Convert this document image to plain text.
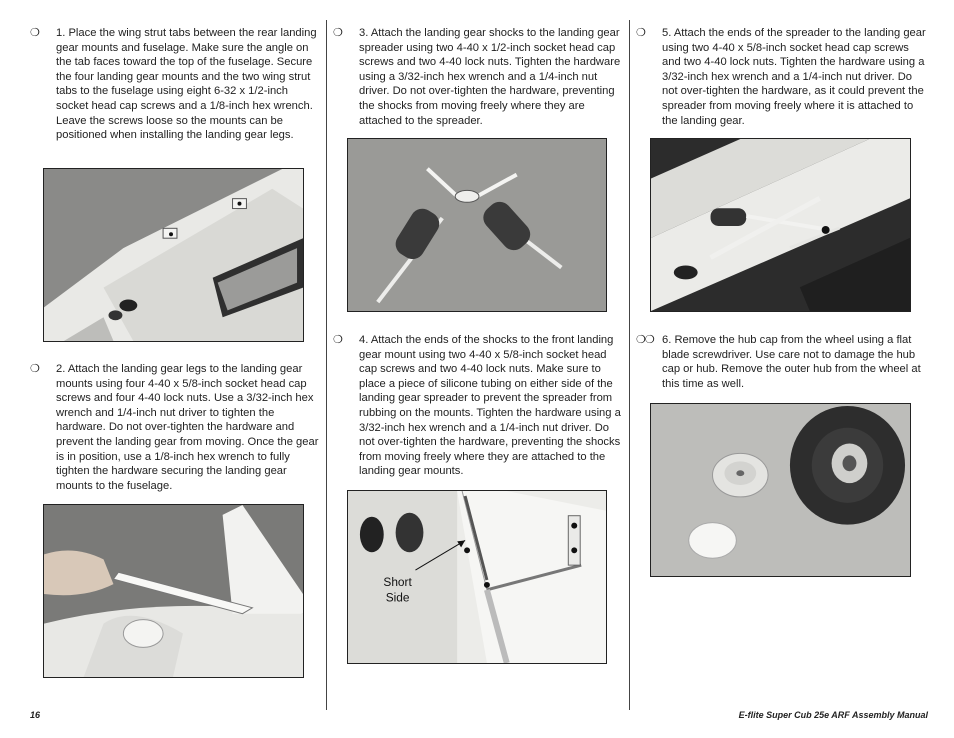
❍ 1. Place the wing strut tabs between the rear landing gear mounts and fuselage. Make sure the angle on the tab faces toward the top of the fuselage. Secure the four landing gear mounts and the two wing strut tabs to the fuselage using eight 6-32 x 1/2-inch socket head cap screws and a 1/8-inch hex wrench. Leave the screws loose so the mounts can be positioned when installing the landing gear legs.
❍ 2. Attach the landing gear legs to the landing gear mounts using four 4-40 x 5/8-inch socket head cap screws and four 4-40 lock nuts. Use a 3/32-inch hex wrench and 1/4-inch nut driver to tighten the hardware. Do not over-tighten the hardware and prevent the landing gear from moving. Once the gear is in position, use a 1/8-inch hex wrench to fully tighten the hardware securing the landing gear mounts to the fuselage.
❍ 3. Attach the landing gear shocks to the landing gear spreader using two 4-40 x 1/2-inch socket head cap screws and two 4-40 lock nuts. Tighten the hardware using a 3/32-inch hex wrench and a 1/4-inch nut driver. Do not over-tighten the hardware, preventing the shocks from moving freely where they are attached to the spreader.
❍ 4. Attach the ends of the shocks to the front landing gear mount using two 4-40 x 5/8-inch socket head cap screws and two 4-40 lock nuts. Make sure to place a piece of silicone tubing on either side of the landing gear spreader to prevent the spreader from rubbing on the mounts. Tighten the hardware using a 3/32-inch hex wrench and a 1/4-inch nut driver. Do not over-tighten the hardware, preventing the shocks from moving freely where they are attached to the landing gear mounts.
Short
Side
❍ 5. Attach the ends of the spreader to the landing gear using two 4-40 x 5/8-inch socket head cap screws and two 4-40 lock nuts. Tighten the hardware using a 3/32-inch hex wrench and a 1/4-inch nut driver. Do not over-tighten the hardware, as it could prevent the spreader from moving freely where it is attached to the landing gear.
❍❍ 6. Remove the hub cap from the wheel using a flat blade screwdriver. Use care not to damage the hub cap or hub. Remove the outer hub from the wheel at this time as well.
16	E-flite Super Cub 25e ARF Assembly Manual
